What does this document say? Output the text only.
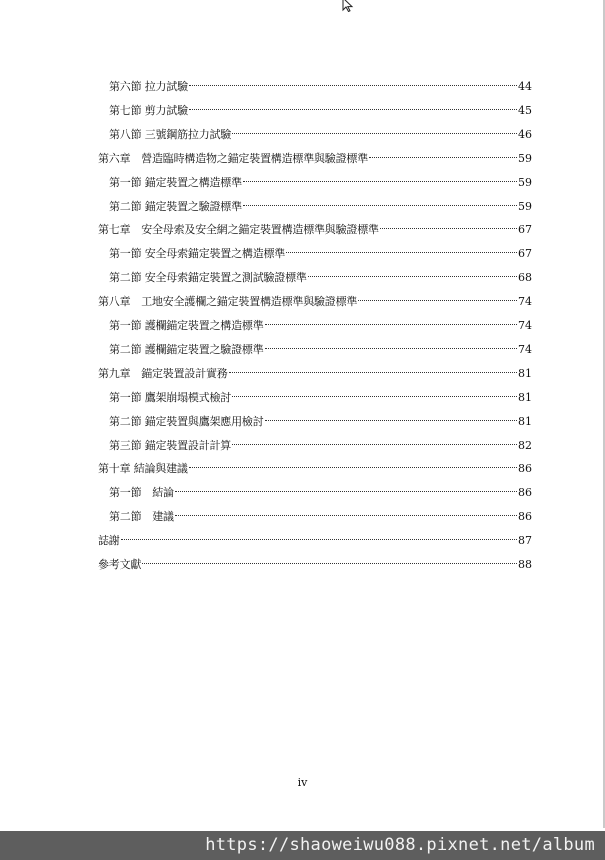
第六節 拉力試驗	44
第七節 剪力試驗	45
第八節 三號鋼筋拉力試驗	46
第六章　營造臨時構造物之錨定裝置構造標準與驗證標準	59
第一節 錨定裝置之構造標準	59
第二節 錨定裝置之驗證標準	59
第七章　安全母索及安全網之錨定裝置構造標準與驗證標準	67
第一節 安全母索錨定裝置之構造標準	67
第二節 安全母索錨定裝置之測試驗證標準	68
第八章　工地安全護欄之錨定裝置構造標準與驗證標準	74
第一節 護欄錨定裝置之構造標準	74
第二節 護欄錨定裝置之驗證標準	74
第九章　錨定裝置設計實務	81
第一節 鷹架崩塌模式檢討	81
第二節 錨定裝置與鷹架應用檢討	81
第三節 錨定裝置設計計算	82
第十章 結論與建議	86
第一節　結論	86
第二節　建議	86
誌謝	87
參考文獻	88
iv
https://shaoweiwu088.pixnet.net/album
